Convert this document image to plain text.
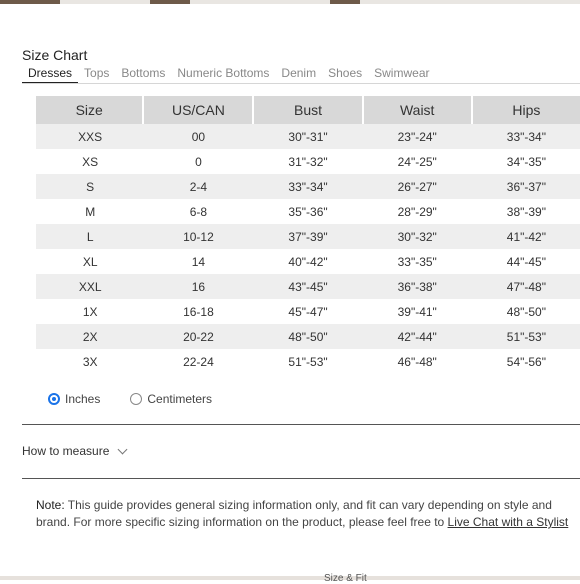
Size Chart
Dresses	Tops	Bottoms	Numeric Bottoms	Denim	Shoes	Swimwear
Size	US/CAN	Bust	Waist	Hips
XXS	00	30"-31"	23"-24"	33"-34"
XS	0	31"-32"	24"-25"	34"-35"
S	2-4	33"-34"	26"-27"	36"-37"
M	6-8	35"-36"	28"-29"	38"-39"
L	10-12	37"-39"	30"-32"	41"-42"
XL	14	40"-42"	33"-35"	44"-45"
XXL	16	43"-45"	36"-38"	47"-48"
1X	16-18	45"-47"	39"-41"	48"-50"
2X	20-22	48"-50"	42"-44"	51"-53"
3X	22-24	51"-53"	46"-48"	54"-56"
Inches	Centimeters
How to measure
Note: This guide provides general sizing information only, and fit can vary depending on style and
brand. For more specific sizing information on the product, please feel free to Live Chat with a Stylist
Size & Fit
